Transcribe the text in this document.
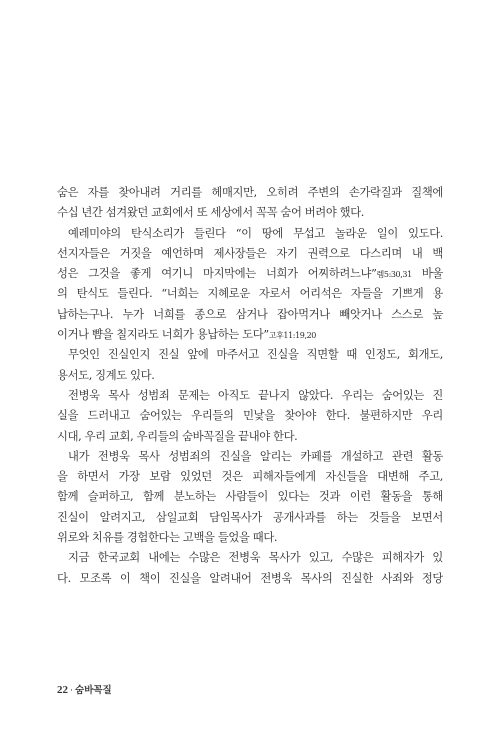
숨은 자를 찾아내려 거리를 헤매지만, 오히려 주변의 손가락질과 질책에
수십 년간 섬겨왔던 교회에서 또 세상에서 꼭꼭 숨어 버려야 했다.
예레미야의 탄식소리가 들린다 “이 땅에 무섭고 놀라운 일이 있도다.
선지자들은 거짓을 예언하며 제사장들은 자기 권력으로 다스리며 내 백
성은 그것을 좋게 여기니 마지막에는 너희가 어찌하려느냐”렘5:30,31 바울
의 탄식도 들린다. “너희는 지혜로운 자로서 어리석은 자들을 기쁘게 용
납하는구나. 누가 너희를 종으로 삼거나 잡아먹거나 빼앗거나 스스로 높
이거나 뺨을 칠지라도 너희가 용납하는 도다”고후11:19,20
무엇인 진실인지 진실 앞에 마주서고 진실을 직면할 때 인정도, 회개도,
용서도, 징계도 있다.
전병욱 목사 성범죄 문제는 아직도 끝나지 않았다. 우리는 숨어있는 진
실을 드러내고 숨어있는 우리들의 민낯을 찾아야 한다. 불편하지만 우리
시대, 우리 교회, 우리들의 숨바꼭질을 끝내야 한다.
내가 전병욱 목사 성범죄의 진실을 알리는 카페를 개설하고 관련 활동
을 하면서 가장 보람 있었던 것은 피해자들에게 자신들을 대변해 주고,
함께 슬퍼하고, 함께 분노하는 사람들이 있다는 것과 이런 활동을 통해
진실이 알려지고, 삼일교회 담임목사가 공개사과를 하는 것들을 보면서
위로와 치유를 경험한다는 고백을 들었을 때다.
지금 한국교회 내에는 수많은 전병욱 목사가 있고, 수많은 피해자가 있
다. 모조록 이 책이 진실을 알려내어 전병욱 목사의 진실한 사죄와 정당
22 · 숨바꼭질
